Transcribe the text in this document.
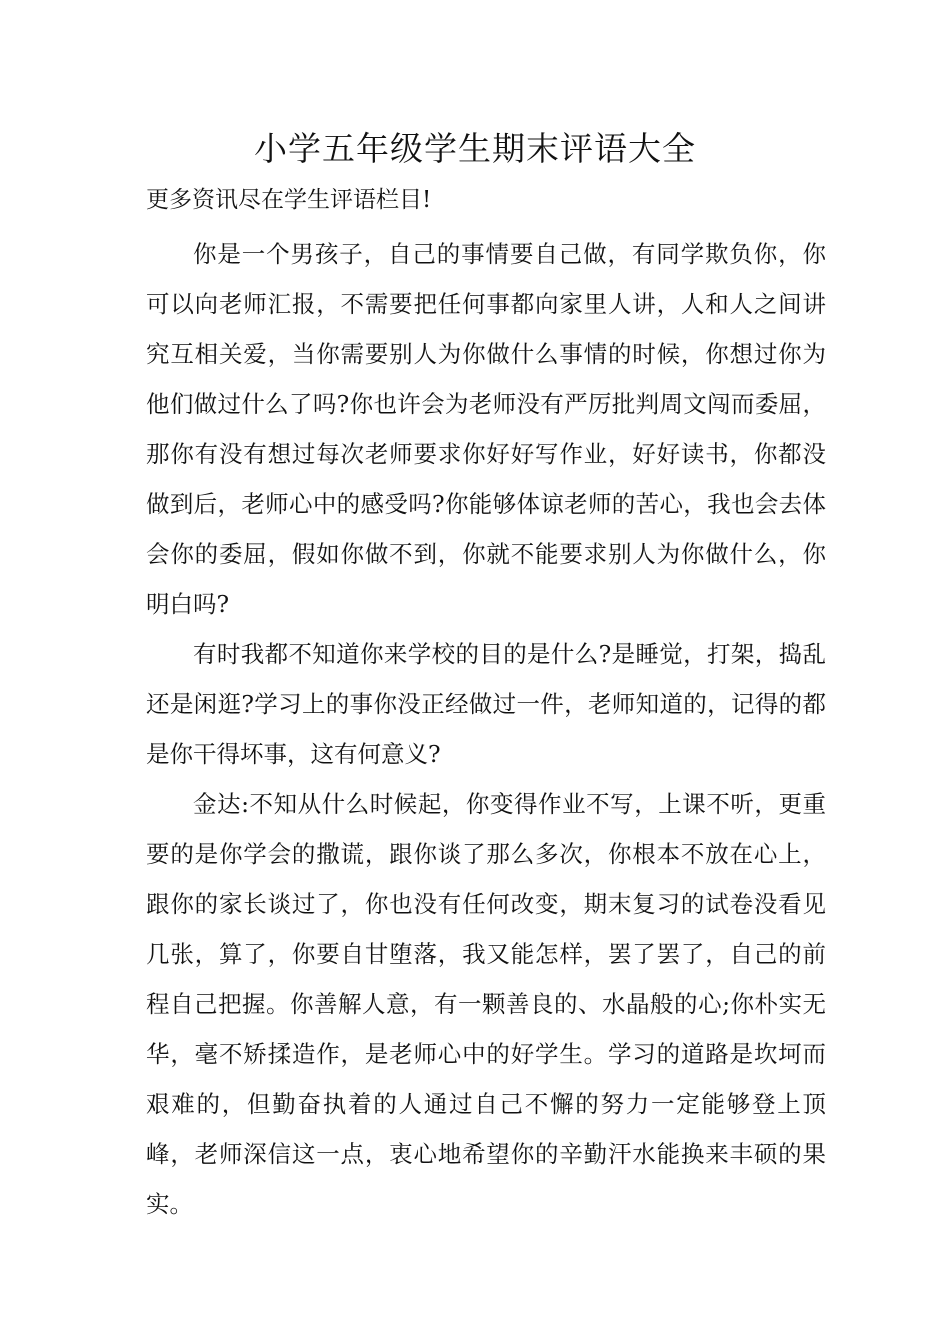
小学五年级学生期末评语大全
更多资讯尽在学生评语栏目!

你是一个男孩子，自己的事情要自己做，有同学欺负你，你可以向老师汇报，不需要把任何事都向家里人讲，人和人之间讲究互相关爱，当你需要别人为你做什么事情的时候，你想过你为他们做过什么了吗?你也许会为老师没有严厉批判周文闯而委屈，那你有没有想过每次老师要求你好好写作业，好好读书，你都没做到后，老师心中的感受吗?你能够体谅老师的苦心，我也会去体会你的委屈，假如你做不到，你就不能要求别人为你做什么，你明白吗?

有时我都不知道你来学校的目的是什么?是睡觉，打架，捣乱还是闲逛?学习上的事你没正经做过一件，老师知道的，记得的都是你干得坏事，这有何意义?

金达:不知从什么时候起，你变得作业不写，上课不听，更重要的是你学会的撒谎，跟你谈了那么多次，你根本不放在心上，跟你的家长谈过了，你也没有任何改变，期末复习的试卷没看见几张，算了，你要自甘堕落，我又能怎样，罢了罢了，自己的前程自己把握。你善解人意，有一颗善良的、水晶般的心;你朴实无华，毫不矫揉造作，是老师心中的好学生。学习的道路是坎坷而艰难的，但勤奋执着的人通过自己不懈的努力一定能够登上顶峰，老师深信这一点，衷心地希望你的辛勤汗水能换来丰硕的果实。
